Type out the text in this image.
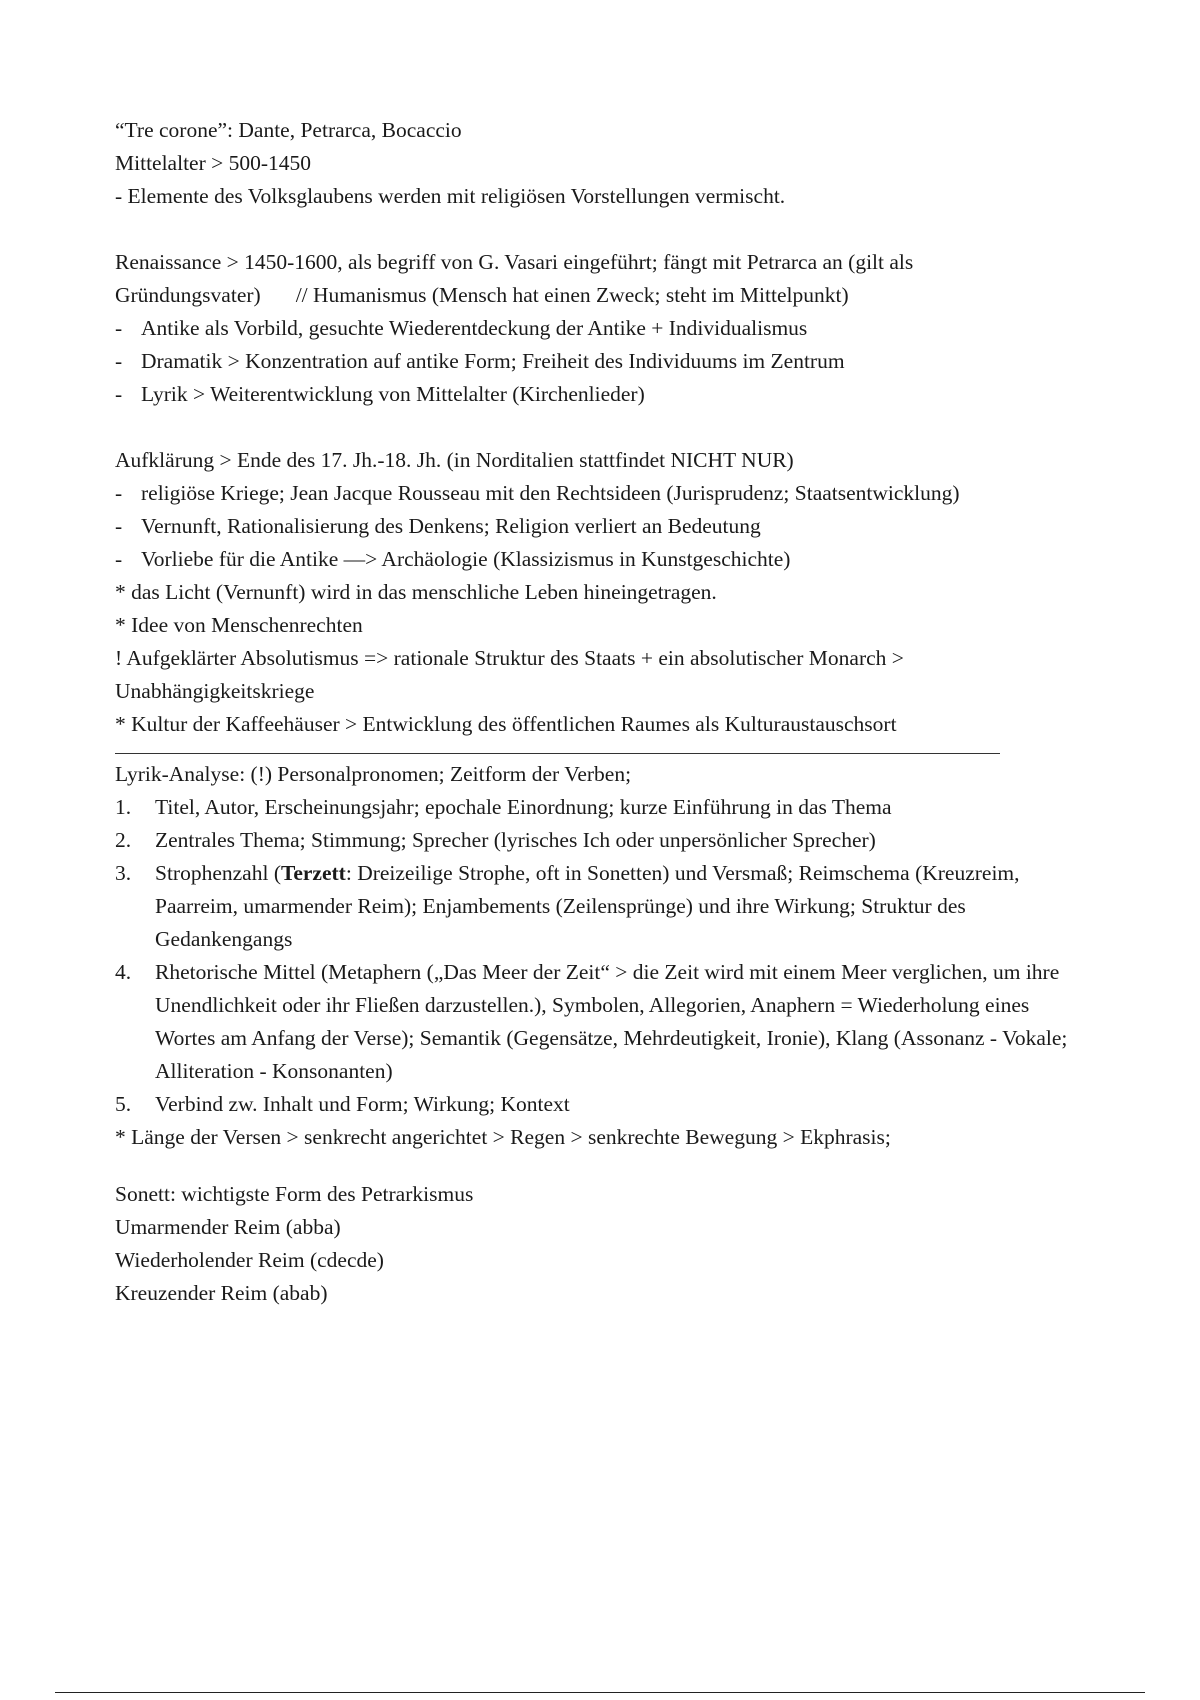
“Tre corone”: Dante, Petrarca, Bocaccio
Mittelalter > 500-1450
- Elemente des Volksglaubens werden mit religiösen Vorstellungen vermischt.
Renaissance > 1450-1600, als begriff von G. Vasari eingeführt; fängt mit Petrarca an (gilt als
Gründungsvater) // Humanismus (Mensch hat einen Zweck; steht im Mittelpunkt)
- Antike als Vorbild, gesuchte Wiederentdeckung der Antike + Individualismus
- Dramatik > Konzentration auf antike Form; Freiheit des Individuums im Zentrum
- Lyrik > Weiterentwicklung von Mittelalter (Kirchenlieder)
Aufklärung > Ende des 17. Jh.-18. Jh. (in Norditalien stattfindet NICHT NUR)
- religiöse Kriege; Jean Jacque Rousseau mit den Rechtsideen (Jurisprudenz; Staatsentwicklung)
- Vernunft, Rationalisierung des Denkens; Religion verliert an Bedeutung
- Vorliebe für die Antike —> Archäologie (Klassizismus in Kunstgeschichte)
* das Licht (Vernunft) wird in das menschliche Leben hineingetragen.
* Idee von Menschenrechten
! Aufgeklärter Absolutismus => rationale Struktur des Staats + ein absolutischer Monarch >
Unabhängigkeitskriege
* Kultur der Kaffeehäuser > Entwicklung des öffentlichen Raumes als Kulturaustauschsort
Lyrik-Analyse: (!) Personalpronomen; Zeitform der Verben;
1.	Titel, Autor, Erscheinungsjahr; epochale Einordnung; kurze Einführung in das Thema
2.	Zentrales Thema; Stimmung; Sprecher (lyrisches Ich oder unpersönlicher Sprecher)
3.	Strophenzahl (Terzett: Dreizeilige Strophe, oft in Sonetten) und Versmaß; Reimschema (Kreuzreim, Paarreim, umarmender Reim); Enjambements (Zeilensprünge) und ihre Wirkung; Struktur des Gedankengangs
4.	Rhetorische Mittel (Metaphern („Das Meer der Zeit“ > die Zeit wird mit einem Meer verglichen, um ihre Unendlichkeit oder ihr Fließen darzustellen.), Symbolen, Allegorien, Anaphern = Wiederholung eines Wortes am Anfang der Verse); Semantik (Gegensätze, Mehrdeutigkeit, Ironie), Klang (Assonanz - Vokale; Alliteration - Konsonanten)
5.	Verbind zw. Inhalt und Form; Wirkung; Kontext
* Länge der Versen > senkrecht angerichtet > Regen > senkrechte Bewegung > Ekphrasis;
Sonett: wichtigste Form des Petrarkismus
Umarmender Reim (abba)
Wiederholender Reim (cdecde)
Kreuzender Reim (abab)
